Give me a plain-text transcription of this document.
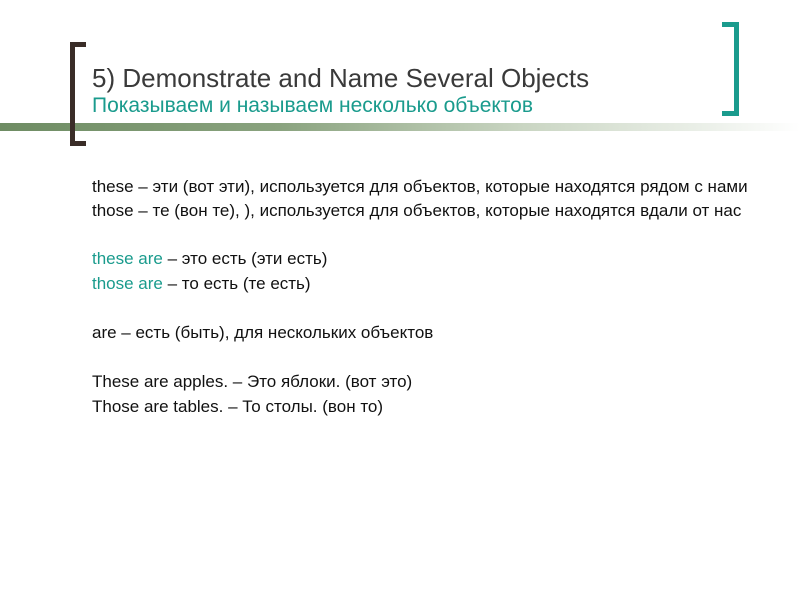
5) Demonstrate and Name Several Objects
Показываем и называем несколько объектов
these – эти (вот эти), используется для объектов, которые находятся рядом с нами
those – те (вон те), ), используется для объектов, которые находятся вдали от нас
these are – это есть (эти есть)
those are – то есть (те есть)
are – есть (быть), для нескольких объектов
These are apples. – Это яблоки. (вот это)
Those are tables. – То столы. (вон то)
